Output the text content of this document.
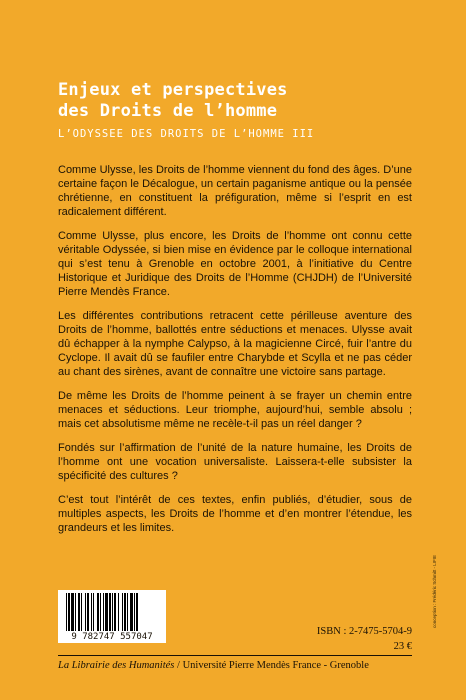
Enjeux et perspectives
des Droits de l’homme
L’ODYSSEE DES DROITS DE L’HOMME III

Comme Ulysse, les Droits de l’homme viennent du fond des âges. D’une certaine façon le Décalogue, un certain paganisme antique ou la pensée chrétienne, en constituent la préfiguration, même si l’esprit en est radicalement différent.

Comme Ulysse, plus encore, les Droits de l’homme ont connu cette véritable Odyssée, si bien mise en évidence par le colloque international qui s’est tenu à Grenoble en octobre 2001, à l’initiative du Centre Historique et Juridique des Droits de l’Homme (CHJDH) de l’Université Pierre Mendès France.

Les différentes contributions retracent cette périlleuse aventure des Droits de l’homme, ballottés entre séductions et menaces. Ulysse avait dû échapper à la nymphe Calypso, à la magicienne Circé, fuir l’antre du Cyclope. Il avait dû se faufiler entre Charybde et Scylla et ne pas céder au chant des sirènes, avant de connaître une victoire sans partage.

De même les Droits de l’homme peinent à se frayer un chemin entre menaces et séductions. Leur triomphe, aujourd’hui, semble absolu ; mais cet absolutisme même ne recèle-t-il pas un réel danger ?

Fondés sur l’affirmation de l’unité de la nature humaine, les Droits de l’homme ont une vocation universaliste. Laissera-t-elle subsister la spécificité des cultures ?

C’est tout l’intérêt de ces textes, enfin publiés, d’étudier, sous de multiples aspects, les Droits de l’homme et d’en montrer l’étendue, les grandeurs et les limites.

9 782747 557047	ISBN : 2-7475-5704-9
23 €
La Librairie des Humanités / Université Pierre Mendès France - Grenoble
conception : Frédéric Schmitt - LIFIE
